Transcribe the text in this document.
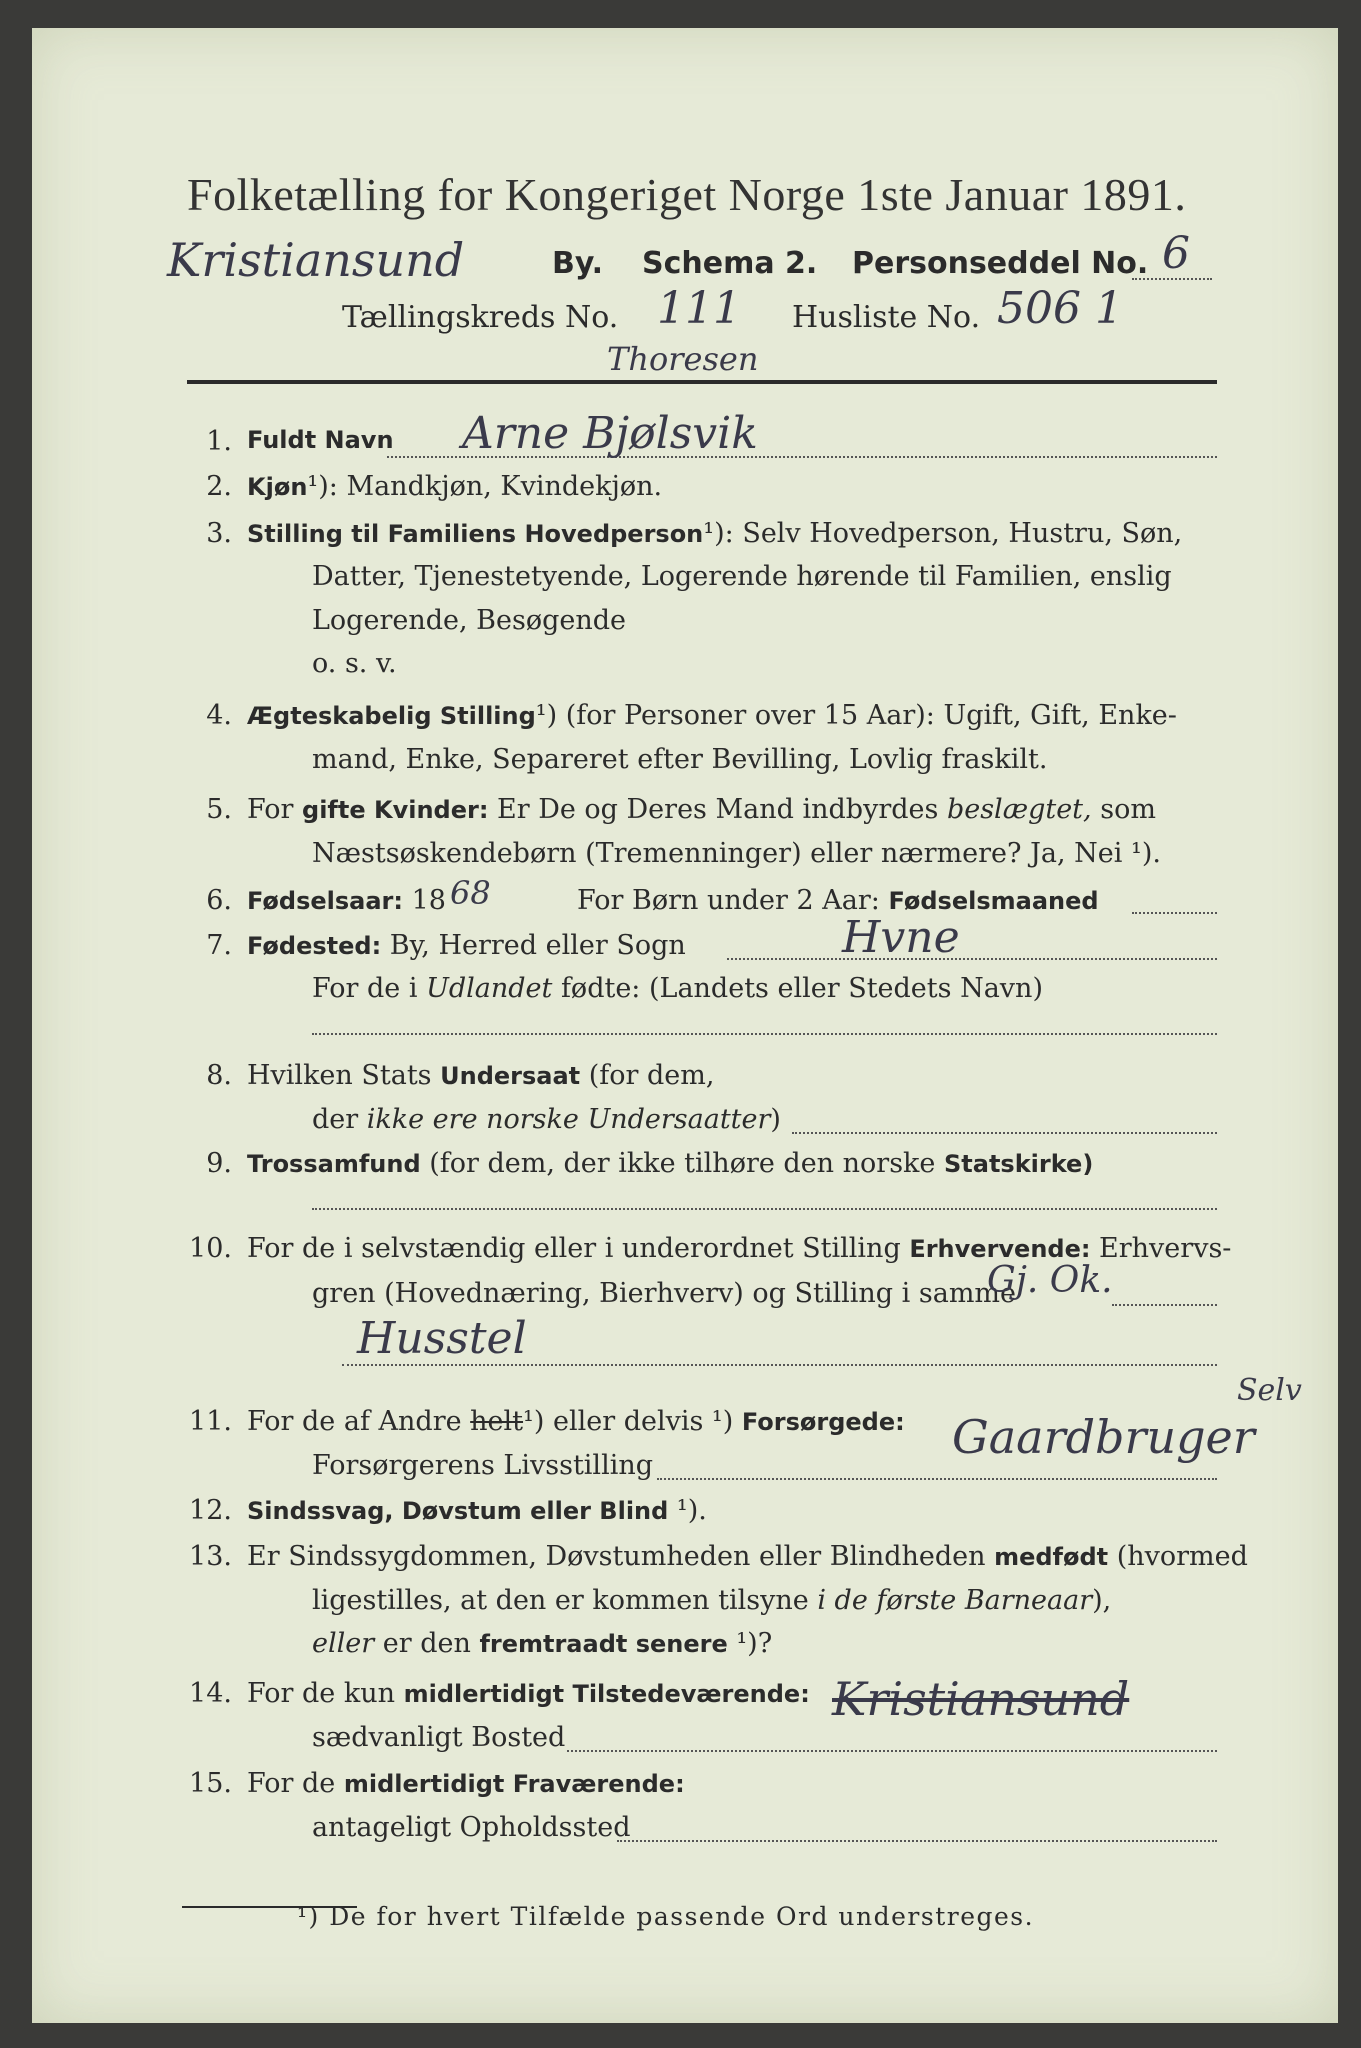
Folketælling for Kongeriget Norge 1ste Januar 1891.
Kristiansund	By. Schema 2. Personseddel No. 6
Tællingskreds No. 111 Husliste No. 506 1
Thoresen
1. Fuldt Navn Arne Bjølsvik
2. Kjøn¹): Mandkjøn, Kvindekjøn.
3. Stilling til Familiens Hovedperson¹): Selv Hovedperson, Hustru, Søn,
Datter, Tjenestetyende, Logerende hørende til Familien, enslig
Logerende, Besøgende
o. s. v.
4. Ægteskabelig Stilling¹) (for Personer over 15 Aar): Ugift, Gift, Enke-
mand, Enke, Separeret efter Bevilling, Lovlig fraskilt.
5. For gifte Kvinder: Er De og Deres Mand indbyrdes beslægtet, som
Næstsøskendebørn (Tremenninger) eller nærmere? Ja, Nei ¹).
6. Fødselsaar: 18 68	For Børn under 2 Aar: Fødselsmaaned
7. Fødested: By, Herred eller Sogn	Hvne
For de i Udlandet fødte: (Landets eller Stedets Navn)
8. Hvilken Stats Undersaat (for dem,
der ikke ere norske Undersaatter)
9. Trossamfund (for dem, der ikke tilhøre den norske Statskirke)
10. For de i selvstændig eller i underordnet Stilling Erhvervende: Erhvervs-
gren (Hovednæring, Bierhverv) og Stilling i samme
Gj. Ok.
Husstel
11. For de af Andre helt¹) eller delvis ¹) Forsørgede:
Selv
Forsørgerens Livsstilling
Gaardbruger
12. Sindssvag, Døvstum eller Blind ¹).
13. Er Sindssygdommen, Døvstumheden eller Blindheden medfødt (hvormed
ligestilles, at den er kommen tilsyne i de første Barneaar),
eller er den fremtraadt senere ¹)?
14. For de kun midlertidigt Tilstedeværende:
sædvanligt Bosted
Kristiansund
15. For de midlertidigt Fraværende:
antageligt Opholdssted
¹) De for hvert Tilfælde passende Ord understreges.
